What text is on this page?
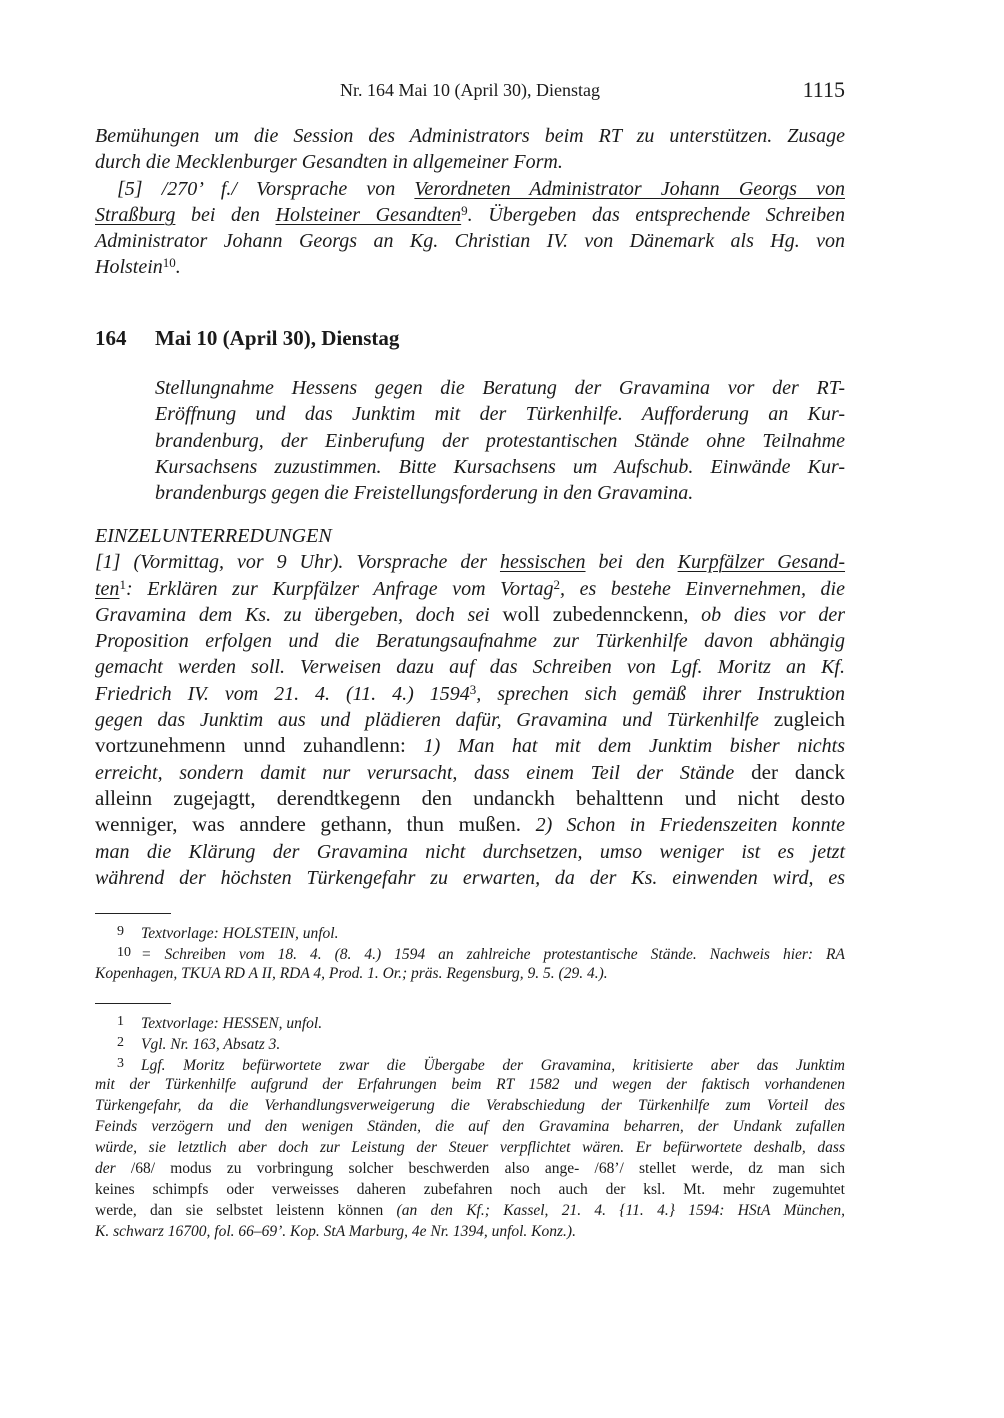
Nr. 164 Mai 10 (April 30), Dienstag	1115
Bemühungen um die Session des Administrators beim RT zu unterstützen. Zusage
durch die Mecklenburger Gesandten in allgemeiner Form.
[5] /270’ f./ Vorsprache von Verordneten Administrator Johann Georgs von
Straßburg bei den Holsteiner Gesandten$^9$. Übergeben das entsprechende Schreiben
Administrator Johann Georgs an Kg. Christian IV. von Dänemark als Hg. von
Holstein$^{10}$.
164 Mai 10 (April 30), Dienstag
Stellungnahme Hessens gegen die Beratung der Gravamina vor der RT-
Eröffnung und das Junktim mit der Türkenhilfe. Aufforderung an Kur-
brandenburg, der Einberufung der protestantischen Stände ohne Teilnahme
Kursachsens zuzustimmen. Bitte Kursachsens um Aufschub. Einwände Kur-
brandenburgs gegen die Freistellungsforderung in den Gravamina.
EINZELUNTERREDUNGEN
[1] (Vormittag, vor 9 Uhr). Vorsprache der hessischen bei den Kurpfälzer Gesand-
ten$^1$: Erklären zur Kurpfälzer Anfrage vom Vortag$^2$, es bestehe Einvernehmen, die
Gravamina dem Ks. zu übergeben, doch sei woll zubedennckenn, ob dies vor der
Proposition erfolgen und die Beratungsaufnahme zur Türkenhilfe davon abhängig
gemacht werden soll. Verweisen dazu auf das Schreiben von Lgf. Moritz an Kf.
Friedrich IV. vom 21. 4. (11. 4.) 1594$^3$, sprechen sich gemäß ihrer Instruktion
gegen das Junktim aus und plädieren dafür, Gravamina und Türkenhilfe zugleich
vortzunehmenn unnd zuhandlenn: 1) Man hat mit dem Junktim bisher nichts
erreicht, sondern damit nur verursacht, dass einem Teil der Stände der danck
alleinn zugejagtt, derendtkegenn den undanckh behalttenn und nicht desto
wenniger, was anndere gethann, thun mußen. 2) Schon in Friedenszeiten konnte
man die Klärung der Gravamina nicht durchsetzen, umso weniger ist es jetzt
während der höchsten Türkengefahr zu erwarten, da der Ks. einwenden wird, es
9 Textvorlage: HOLSTEIN, unfol.
10 = Schreiben vom 18. 4. (8. 4.) 1594 an zahlreiche protestantische Stände. Nachweis hier: RA
Kopenhagen, TKUA RD A II, RDA 4, Prod. 1. Or.; präs. Regensburg, 9. 5. (29. 4.).
1 Textvorlage: HESSEN, unfol.
2 Vgl. Nr. 163, Absatz 3.
3 Lgf. Moritz befürwortete zwar die Übergabe der Gravamina, kritisierte aber das Junktim
mit der Türkenhilfe aufgrund der Erfahrungen beim RT 1582 und wegen der faktisch vorhandenen
Türkengefahr, da die Verhandlungsverweigerung die Verabschiedung der Türkenhilfe zum Vorteil des
Feinds verzögern und den wenigen Ständen, die auf den Gravamina beharren, der Undank zufallen
würde, sie letztlich aber doch zur Leistung der Steuer verpflichtet wären. Er befürwortete deshalb, dass
der /68/ modus zu vorbringung solcher beschwerden also ange- /68’/ stellet werde, dz man sich
keines schimpfs oder verweisses daheren zubefahren noch auch der ksl. Mt. mehr zugemuhtet
werde, dan sie selbstet leistenn können (an den Kf.; Kassel, 21. 4. {11. 4.} 1594: HStA München,
K. schwarz 16700, fol. 66–69’. Kop. StA Marburg, 4e Nr. 1394, unfol. Konz.).
